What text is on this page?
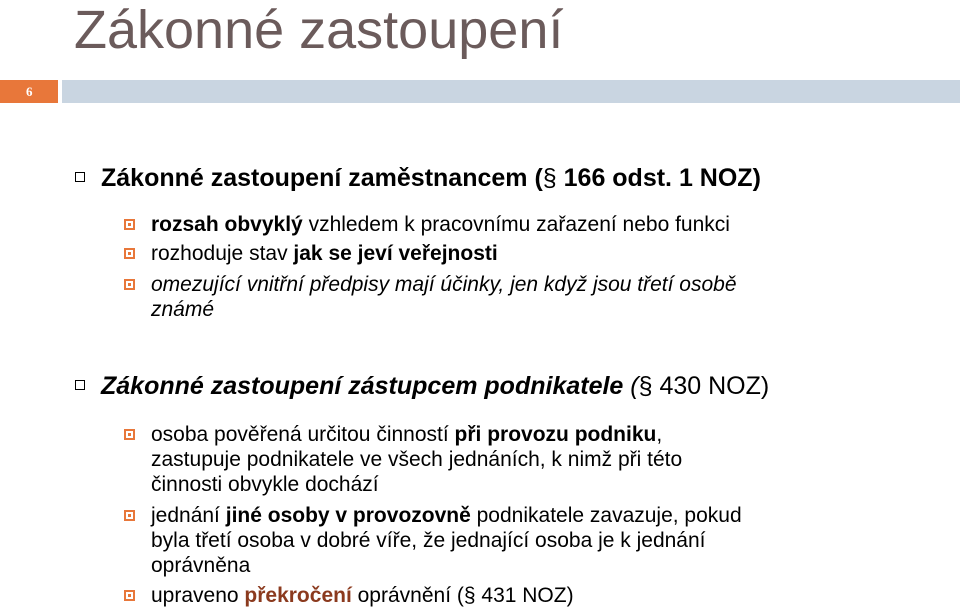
Zákonné zastoupení
6
Zákonné zastoupení zaměstnancem (§ 166 odst. 1 NOZ)
rozsah obvyklý vzhledem k pracovnímu zařazení nebo funkci
rozhoduje stav jak se jeví veřejnosti
omezující vnitřní předpisy mají účinky, jen když jsou třetí osobě
známé
Zákonné zastoupení zástupcem podnikatele (§ 430 NOZ)
osoba pověřená určitou činností při provozu podniku,
zastupuje podnikatele ve všech jednáních, k nimž při této
činnosti obvykle dochází
jednání jiné osoby v provozovně podnikatele zavazuje, pokud
byla třetí osoba v dobré víře, že jednající osoba je k jednání
oprávněna
upraveno překročení oprávnění (§ 431 NOZ)
